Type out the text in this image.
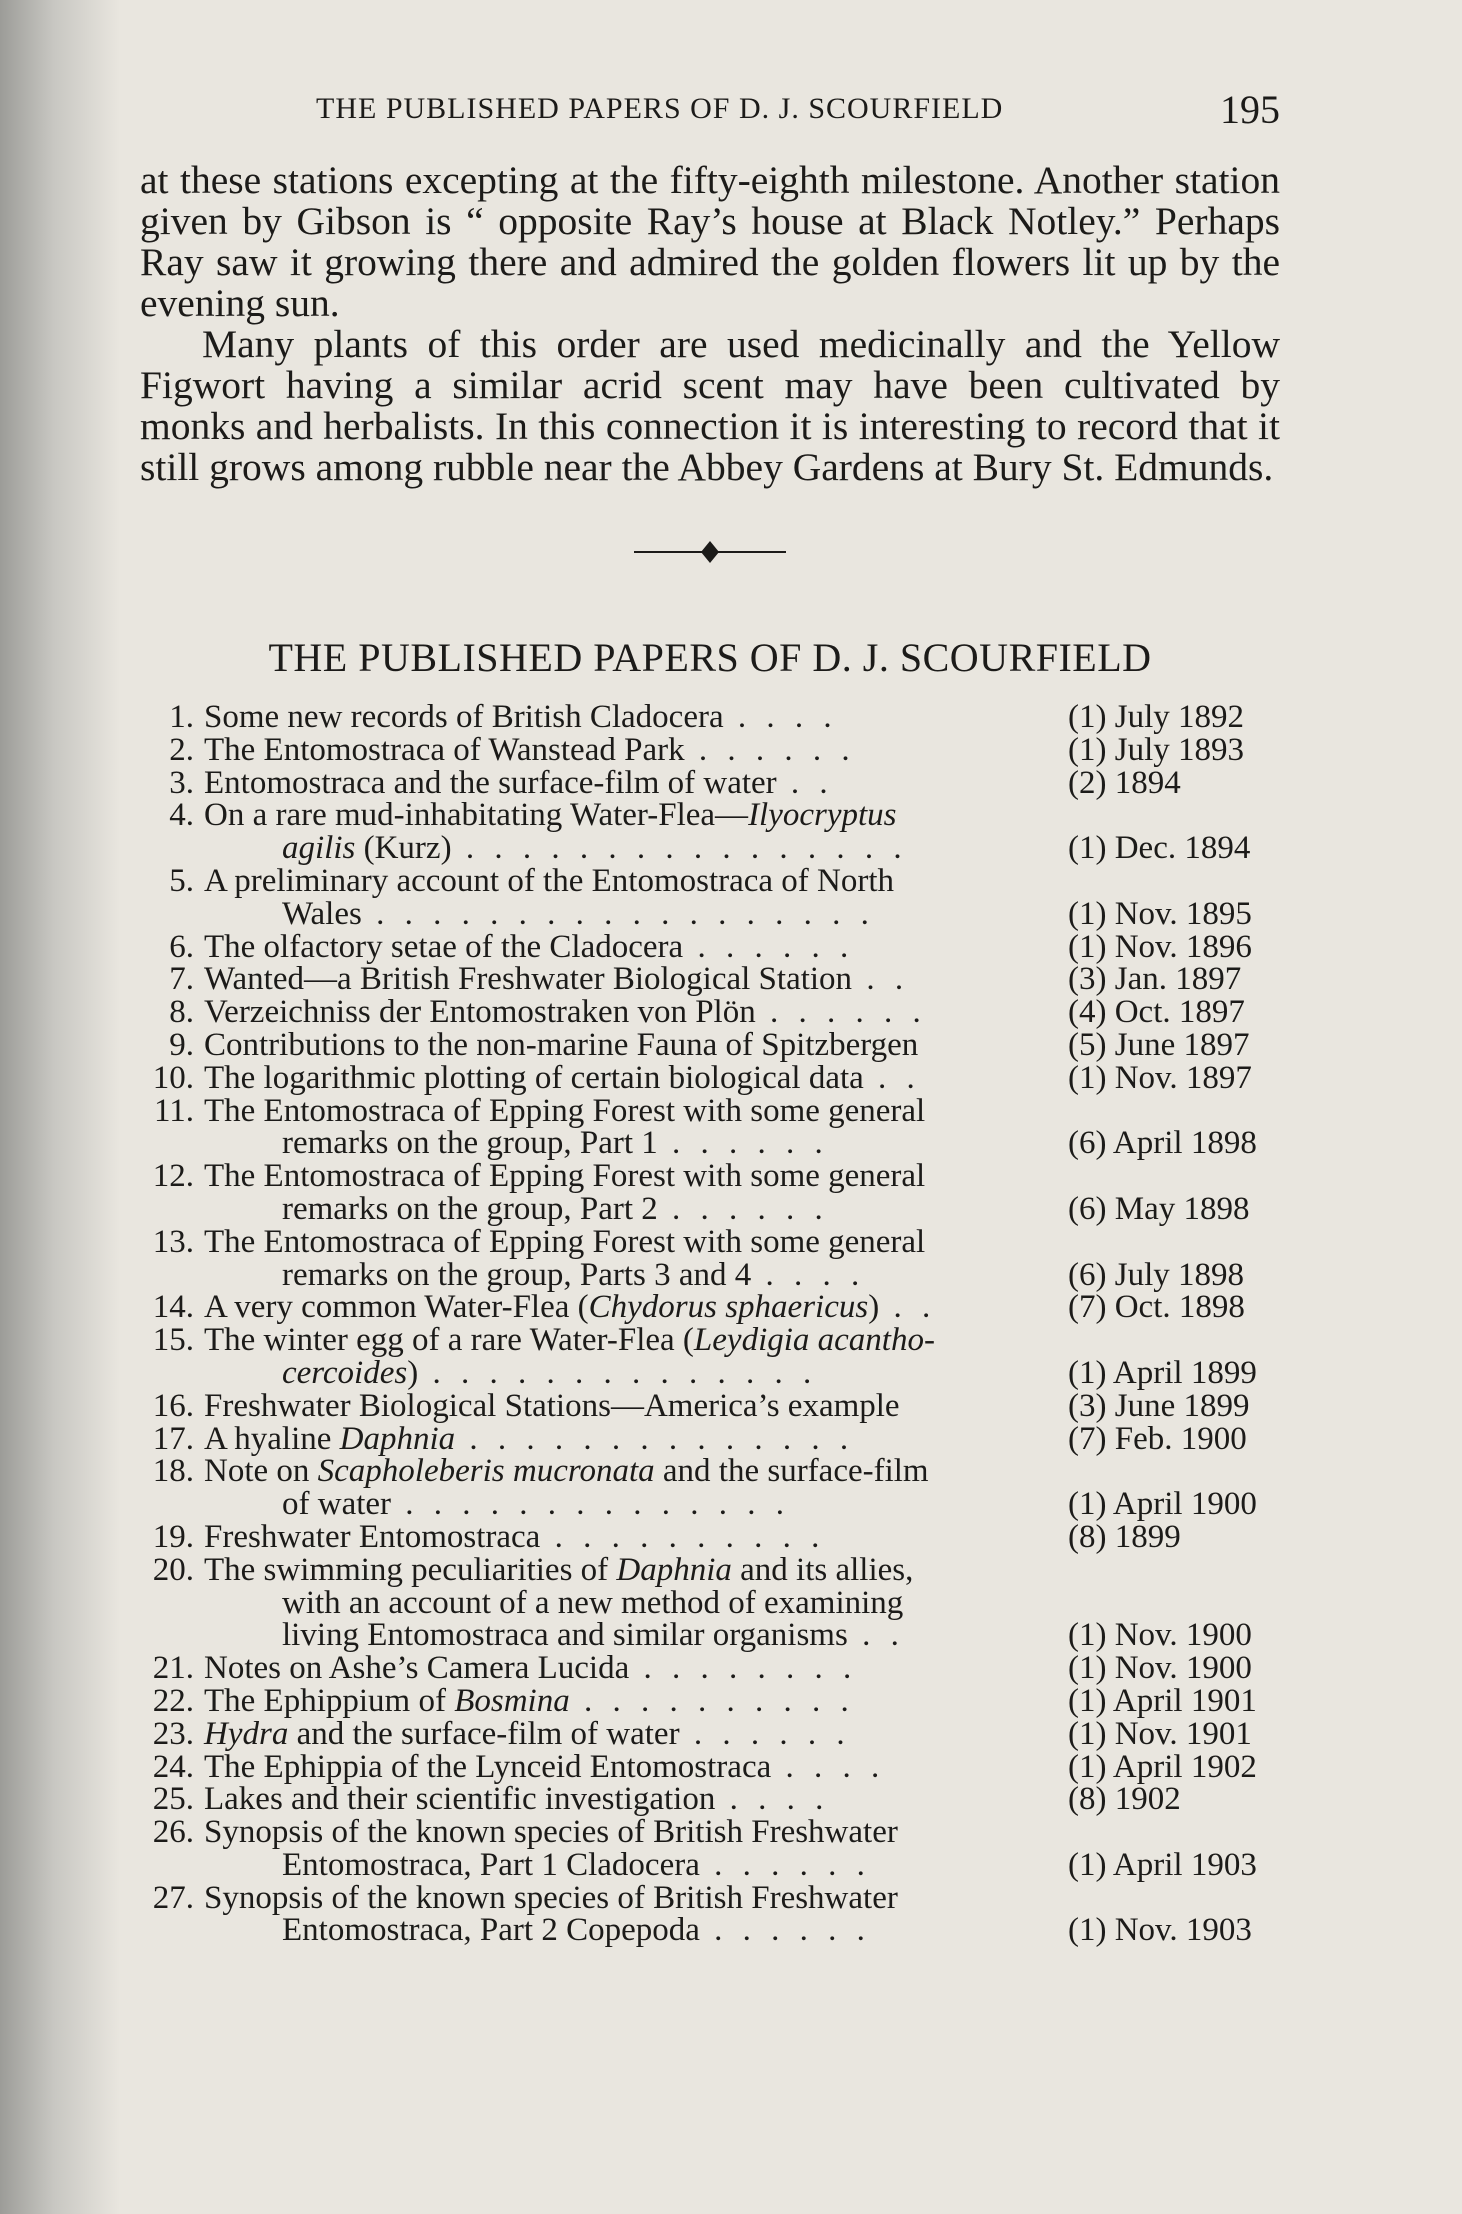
THE PUBLISHED PAPERS OF D. J. SCOURFIELD	195

at these stations excepting at the fifty-eighth milestone. Another station given by Gibson is “ opposite Ray’s house at Black Notley.” Perhaps Ray saw it growing there and admired the golden flowers lit up by the evening sun.

Many plants of this order are used medicinally and the Yellow Figwort having a similar acrid scent may have been cultivated by monks and herbalists. In this connection it is interesting to record that it still grows among rubble near the Abbey Gardens at Bury St. Edmunds.

THE PUBLISHED PAPERS OF D. J. SCOURFIELD
1. Some new records of British Cladocera . . . .	(1) July 1892
2. The Entomostraca of Wanstead Park . . . . . .	(1) July 1893
3. Entomostraca and the surface-film of water . .	(2) 1894
4. On a rare mud-inhabitating Water-Flea—Ilyocryptus
agilis (Kurz) . . . . . . . . . . . . . . . .	(1) Dec. 1894
5. A preliminary account of the Entomostraca of North
Wales . . . . . . . . . . . . . . . . . .	(1) Nov. 1895
6. The olfactory setae of the Cladocera . . . . . .	(1) Nov. 1896
7. Wanted—a British Freshwater Biological Station . .	(3) Jan. 1897
8. Verzeichniss der Entomostraken von Plön . . . . . .	(4) Oct. 1897
9. Contributions to the non-marine Fauna of Spitzbergen	(5) June 1897
10. The logarithmic plotting of certain biological data . .	(1) Nov. 1897
11. The Entomostraca of Epping Forest with some general
remarks on the group, Part 1 . . . . . .	(6) April 1898
12. The Entomostraca of Epping Forest with some general
remarks on the group, Part 2 . . . . . .	(6) May 1898
13. The Entomostraca of Epping Forest with some general
remarks on the group, Parts 3 and 4 . . . .	(6) July 1898
14. A very common Water-Flea (Chydorus sphaericus) . .	(7) Oct. 1898
15. The winter egg of a rare Water-Flea (Leydigia acantho-
cercoides) . . . . . . . . . . . . . .	(1) April 1899
16. Freshwater Biological Stations—America’s example	(3) June 1899
17. A hyaline Daphnia . . . . . . . . . . . . . .	(7) Feb. 1900
18. Note on Scapholeberis mucronata and the surface-film
of water . . . . . . . . . . . . . .	(1) April 1900
19. Freshwater Entomostraca . . . . . . . . . .	(8) 1899
20. The swimming peculiarities of Daphnia and its allies,
with an account of a new method of examining
living Entomostraca and similar organisms . .	(1) Nov. 1900
21. Notes on Ashe’s Camera Lucida . . . . . . . .	(1) Nov. 1900
22. The Ephippium of Bosmina . . . . . . . . . .	(1) April 1901
23. Hydra and the surface-film of water . . . . . .	(1) Nov. 1901
24. The Ephippia of the Lynceid Entomostraca . . . .	(1) April 1902
25. Lakes and their scientific investigation . . . .	(8) 1902
26. Synopsis of the known species of British Freshwater
Entomostraca, Part 1 Cladocera . . . . . .	(1) April 1903
27. Synopsis of the known species of British Freshwater
Entomostraca, Part 2 Copepoda . . . . . .	(1) Nov. 1903
